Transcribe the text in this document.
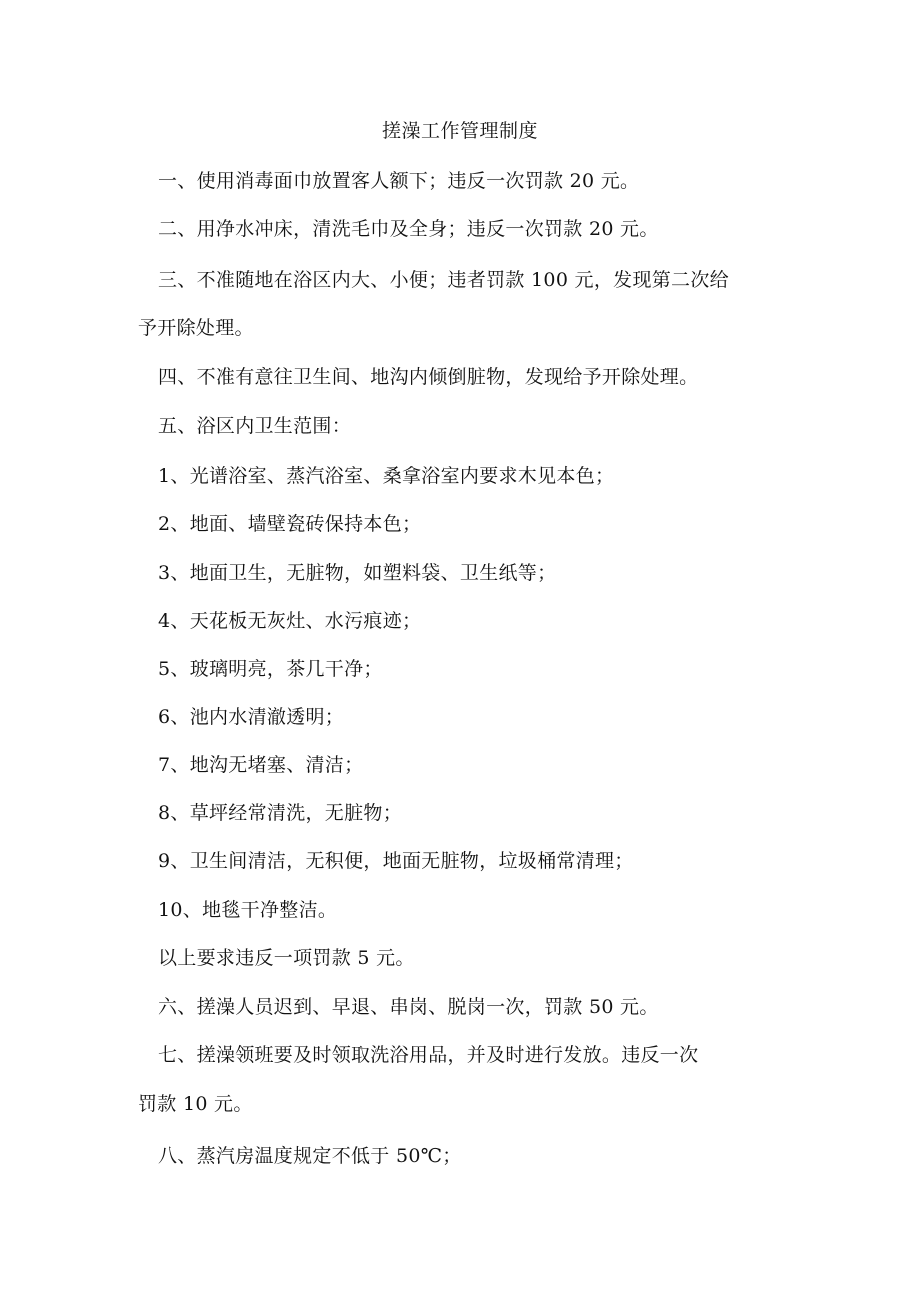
搓澡工作管理制度
一、使用消毒面巾放置客人额下；违反一次罚款 20 元。
二、用净水冲床，清洗毛巾及全身；违反一次罚款 20 元。
三、不准随地在浴区内大、小便；违者罚款 100 元，发现第二次给
予开除处理。
四、不准有意往卫生间、地沟内倾倒脏物，发现给予开除处理。
五、浴区内卫生范围：
1、光谱浴室、蒸汽浴室、桑拿浴室内要求木见本色；
2、地面、墙壁瓷砖保持本色；
3、地面卫生，无脏物，如塑料袋、卫生纸等；
4、天花板无灰灶、水污痕迹；
5、玻璃明亮，茶几干净；
6、池内水清澈透明；
7、地沟无堵塞、清洁；
8、草坪经常清洗，无脏物；
9、卫生间清洁，无积便，地面无脏物，垃圾桶常清理；
10、地毯干净整洁。
以上要求违反一项罚款 5 元。
六、搓澡人员迟到、早退、串岗、脱岗一次，罚款 50 元。
七、搓澡领班要及时领取洗浴用品，并及时进行发放。违反一次
罚款 10 元。
八、蒸汽房温度规定不低于 50℃；
